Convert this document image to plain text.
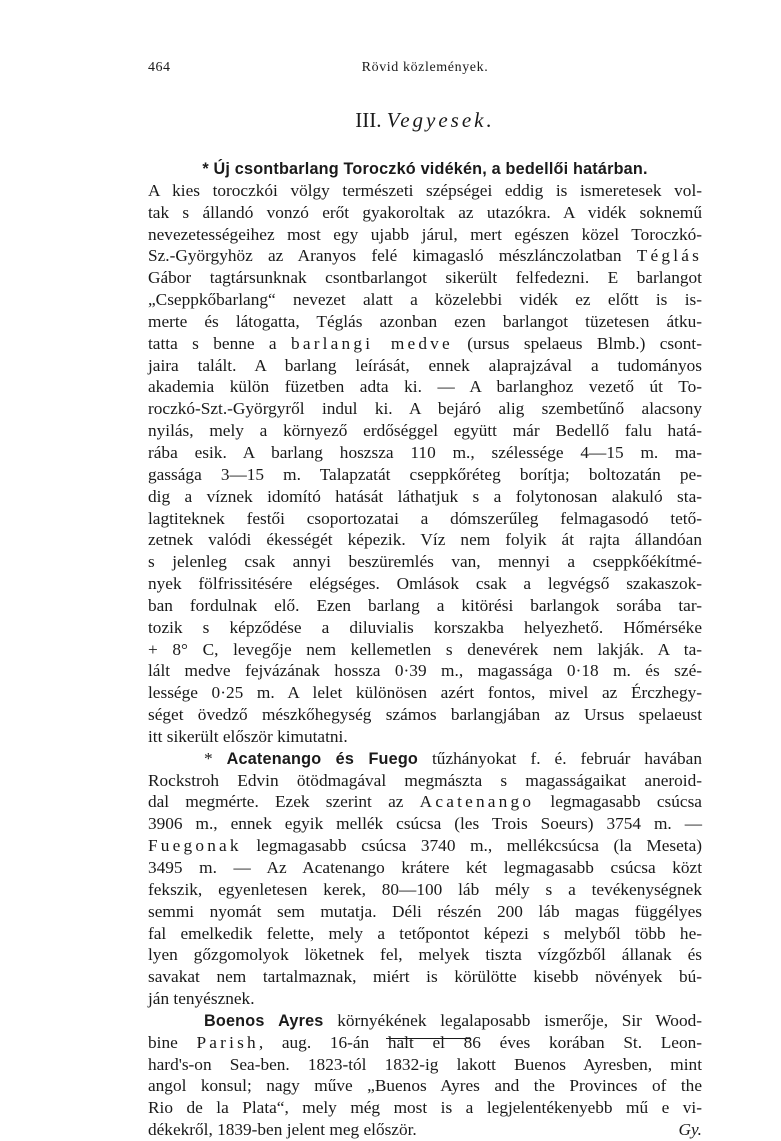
464	Rövid közlemények.
III. Vegyesek.
* Új csontbarlang Toroczkó vidékén, a bedellői határban.
A kies toroczkói völgy természeti szépségei eddig is ismeretesek vol-
tak s állandó vonzó erőt gyakoroltak az utazókra. A vidék soknemű
nevezetességeihez most egy ujabb járul, mert egészen közel Toroczkó-
Sz.-Györgyhöz az Aranyos felé kimagasló mészlánczolatban Téglás
Gábor tagtársunknak csontbarlangot sikerült felfedezni. E barlangot
„Cseppkőbarlang“ nevezet alatt a közelebbi vidék ez előtt is is-
merte és látogatta, Téglás azonban ezen barlangot tüzetesen átku-
tatta s benne a barlangi medve (ursus spelaeus Blmb.) csont-
jaira talált. A barlang leírását, ennek alaprajzával a tudományos
akademia külön füzetben adta ki. — A barlanghoz vezető út To-
roczkó-Szt.-Györgyről indul ki. A bejáró alig szembetűnő alacsony
nyilás, mely a környező erdőséggel együtt már Bedellő falu hatá-
rába esik. A barlang hoszsza 110 m., szélessége 4—15 m. ma-
gassága 3—15 m. Talapzatát cseppkőréteg borítja; boltozatán pe-
dig a víznek idomító hatását láthatjuk s a folytonosan alakuló sta-
lagtiteknek festői csoportozatai a dómszerűleg felmagasodó tető-
zetnek valódi ékességét képezik. Víz nem folyik át rajta állandóan
s jelenleg csak annyi beszüremlés van, mennyi a cseppkőékítmé-
nyek fölfrissitésére elégséges. Omlások csak a legvégső szakaszok-
ban fordulnak elő. Ezen barlang a kitörési barlangok sorába tar-
tozik s képződése a diluvialis korszakba helyezhető. Hőmérséke
+ 8° C, levegője nem kellemetlen s denevérek nem lakják. A ta-
lált medve fejvázának hossza 0·39 m., magassága 0·18 m. és szé-
lessége 0·25 m. A lelet különösen azért fontos, mivel az Érczhegy-
séget övedző mészkőhegység számos barlangjában az Ursus spelaeust
itt sikerült először kimutatni.
* Acatenango és Fuego tűzhányokat f. é. február havában
Rockstroh Edvin ötödmagával megmászta s magasságaikat aneroid-
dal megmérte. Ezek szerint az Acatenango legmagasabb csúcsa
3906 m., ennek egyik mellék csúcsa (les Trois Soeurs) 3754 m. —
Fuegonak legmagasabb csúcsa 3740 m., mellékcsúcsa (la Meseta)
3495 m. — Az Acatenango krátere két legmagasabb csúcsa közt
fekszik, egyenletesen kerek, 80—100 láb mély s a tevékenységnek
semmi nyomát sem mutatja. Déli részén 200 láb magas függélyes
fal emelkedik felette, mely a tetőpontot képezi s melyből több he-
lyen gőzgomolyok löketnek fel, melyek tiszta vízgőzből állanak és
savakat nem tartalmaznak, miért is körülötte kisebb növények bú-
ján tenyésznek.
Boenos Ayres környékének legalaposabb ismerője, Sir Wood-
bine Parish, aug. 16-án halt el 86 éves korában St. Leon-
hard's-on Sea-ben. 1823-tól 1832-ig lakott Buenos Ayresben, mint
angol konsul; nagy műve „Buenos Ayres and the Provinces of the
Rio de la Plata“, mely még most is a legjelentékenyebb mű e vi-
dékekről, 1839-ben jelent meg először.	Gy.
